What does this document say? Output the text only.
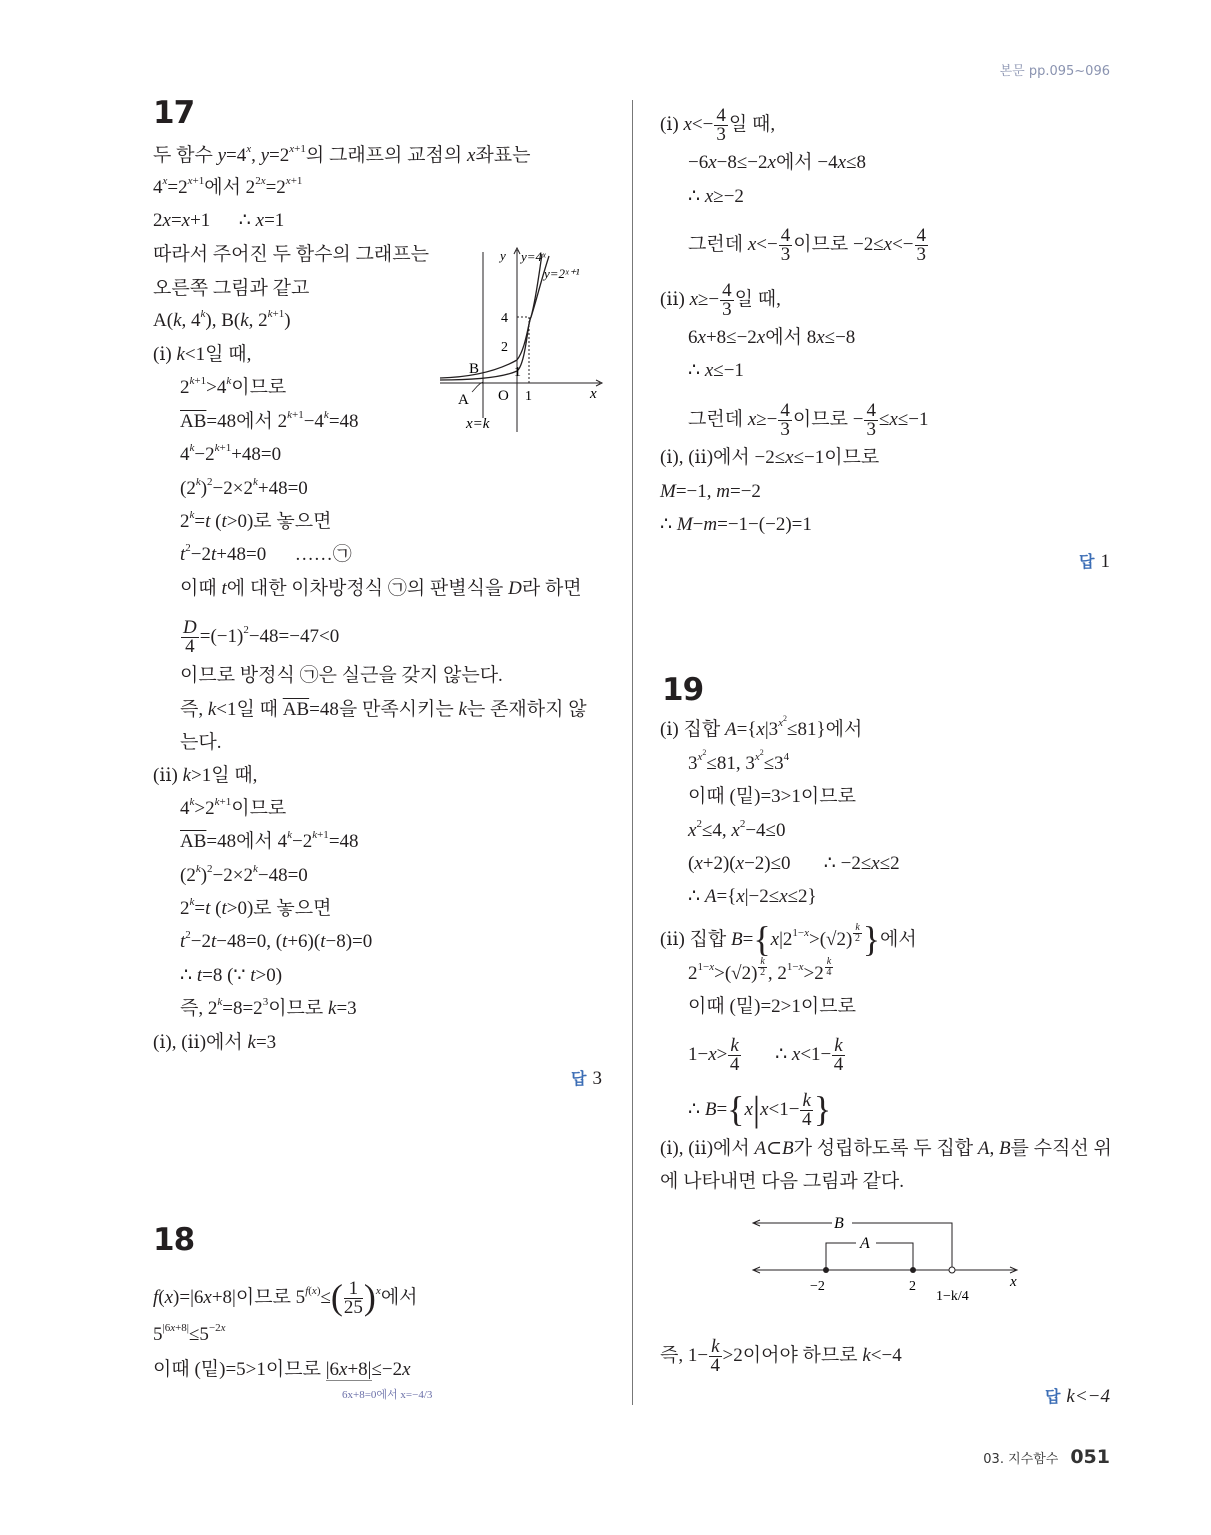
본문 pp.095~096
17
18
19
두 함수 $y=4^x$, $y=2^{x+1}$의 그래프의 교점의 x좌표는
$4^x=2^{x+1}$에서 $2^{2x}=2^{x+1}$
2x=x+1      ∴ x=1
따라서 주어진 두 함수의 그래프는
오른쪽 그림과 같고
A(k, 4$^k$), B(k, $2^{k+1}$)
(ⅰ) k<1일 때,
$2^{k+1}>4^k$이므로
$\overline{AB}=48$에서 $2^{k+1}-4^k=48$
$4^k-2^{k+1}+48=0$
$(2^k)^2-2\times 2^k+48=0$
$2^k=t$ (t>0)로 놓으면
$t^2-2t+48=0$      ……㉠
이때 t에 대한 이차방정식 ㉠의 판별식을 D라 하면
$\frac{D}{4} =(-1)^2-48=-47<0$
이므로 방정식 ㉠은 실근을 갖지 않는다.
즉, k<1일 때 $\overline{AB}=48$을 만족시키는 k는 존재하지 않
는다.
(ⅱ) k>1일 때,
$4^k>2^{k+1}$이므로
$\overline{AB}=48$에서 $4^k-2^{k+1}=48$
$(2^k)^2-2\times 2^k-48=0$
$2^k=t$ (t>0)로 놓으면
$t^2-2t-48=0$, (t+6)(t−8)=0
∴ t=8 (∵ t>0)
즉, $2^k=8=2^3$이므로 k=3
(ⅰ), (ⅱ)에서 k=3
f(x)=|6x+8|이므로 $5^{f(x)}\le( \frac{1}{25} )^x$에서
$5^{|6x+8|}\le 5^{-2x}$
이때 (밑)=5>1이므로 |6x+8|≤−2x
(ⅰ) $x<- \frac{4}{3}$ 일 때,
−6x−8≤−2x에서 −4x≤8
∴ x≥−2
그런데 $x<- \frac{4}{3}$ 이므로 $-2\le x<- \frac{4}{3}$
(ⅱ) $x\ge- \frac{4}{3}$ 일 때,
6x+8≤−2x에서 8x≤−8
∴ x≤−1
그런데 $x\ge- \frac{4}{3}$ 이므로 − $\frac{4}{3} \le x\le-1$
(ⅰ), (ⅱ)에서 −2≤x≤−1이므로
M=−1, m=−2
∴ M−m=−1−(−2)=1
(ⅰ) 집합 $A=\{x|3^{x^2}\le 81\}$에서
$3^{x^2}\le 81$, $3^{x^2}\le 3^4$
이때 (밑)=3>1이므로
$x^2\le 4$, $x^2-4\le 0$
(x+2)(x−2)≤0       ∴ −2≤x≤2
∴ A={x|−2≤x≤2}
(ⅱ) 집합 $B=\{x|2^{1-x}>(√2)$ $^{\frac{k}{2}}$ }에서
$2^{1-x}>(√2)$ $^{\frac{k}{2}}$ , $2^{1-x}>2$ $^{\frac{k}{4}}$
이때 (밑)=2>1이므로
$1-x> \frac{k}{4}$ ∴ $x<1- \frac{k}{4}$
∴ $B=\{x|x<1- \frac{k}{4}$ }
(ⅰ), (ⅱ)에서 A⊂B가 성립하도록 두 집합 A, B를 수직선 위
에 나타내면 다음 그림과 같다.
즉, $1- \frac{k}{4} >2$이어야 하므로 k<−4
6x+8=0에서 x=−4/3
답 3
답 1
답 k<−4
y y=4ˣ
y=2ˣ⁺¹
4
2
1
1
O	x
B
A
x=k
B
A
−2	2
1−k/4
x
03. 지수함수 051
